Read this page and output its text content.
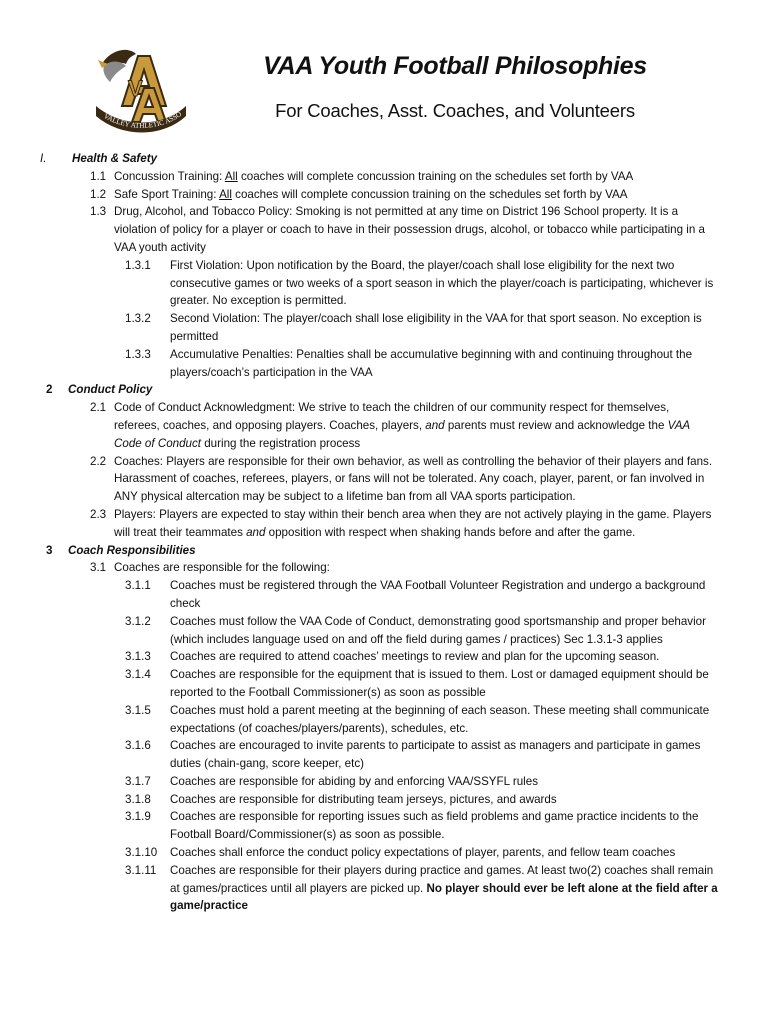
V
VALLEY ATHLETIC ASSO
VAA Youth Football Philosophies
For Coaches, Asst. Coaches, and Volunteers
I. Health & Safety
1.1 Concussion Training: All coaches will complete concussion training on the schedules set forth by VAA
1.2 Safe Sport Training: All coaches will complete concussion training on the schedules set forth by VAA
1.3 Drug, Alcohol, and Tobacco Policy: Smoking is not permitted at any time on District 196 School property. It is a violation of policy for a player or coach to have in their possession drugs, alcohol, or tobacco while participating in a VAA youth activity
1.3.1 First Violation: Upon notification by the Board, the player/coach shall lose eligibility for the next two consecutive games or two weeks of a sport season in which the player/coach is participating, whichever is greater. No exception is permitted.
1.3.2 Second Violation: The player/coach shall lose eligibility in the VAA for that sport season. No exception is permitted
1.3.3 Accumulative Penalties: Penalties shall be accumulative beginning with and continuing throughout the players/coach’s participation in the VAA
2 Conduct Policy
2.1 Code of Conduct Acknowledgment: We strive to teach the children of our community respect for themselves, referees, coaches, and opposing players. Coaches, players, and parents must review and acknowledge the VAA Code of Conduct during the registration process
2.2 Coaches: Players are responsible for their own behavior, as well as controlling the behavior of their players and fans. Harassment of coaches, referees, players, or fans will not be tolerated. Any coach, player, parent, or fan involved in ANY physical altercation may be subject to a lifetime ban from all VAA sports participation.
2.3 Players: Players are expected to stay within their bench area when they are not actively playing in the game. Players will treat their teammates and opposition with respect when shaking hands before and after the game.
3 Coach Responsibilities
3.1 Coaches are responsible for the following:
3.1.1 Coaches must be registered through the VAA Football Volunteer Registration and undergo a background check
3.1.2 Coaches must follow the VAA Code of Conduct, demonstrating good sportsmanship and proper behavior (which includes language used on and off the field during games / practices) Sec 1.3.1-3 applies
3.1.3 Coaches are required to attend coaches’ meetings to review and plan for the upcoming season.
3.1.4 Coaches are responsible for the equipment that is issued to them. Lost or damaged equipment should be reported to the Football Commissioner(s) as soon as possible
3.1.5 Coaches must hold a parent meeting at the beginning of each season. These meeting shall communicate expectations (of coaches/players/parents), schedules, etc.
3.1.6 Coaches are encouraged to invite parents to participate to assist as managers and participate in games duties (chain-gang, score keeper, etc)
3.1.7 Coaches are responsible for abiding by and enforcing VAA/SSYFL rules
3.1.8 Coaches are responsible for distributing team jerseys, pictures, and awards
3.1.9 Coaches are responsible for reporting issues such as field problems and game practice incidents to the Football Board/Commissioner(s) as soon as possible.
3.1.10 Coaches shall enforce the conduct policy expectations of player, parents, and fellow team coaches
3.1.11 Coaches are responsible for their players during practice and games. At least two(2) coaches shall remain at games/practices until all players are picked up. No player should ever be left alone at the field after a game/practice
